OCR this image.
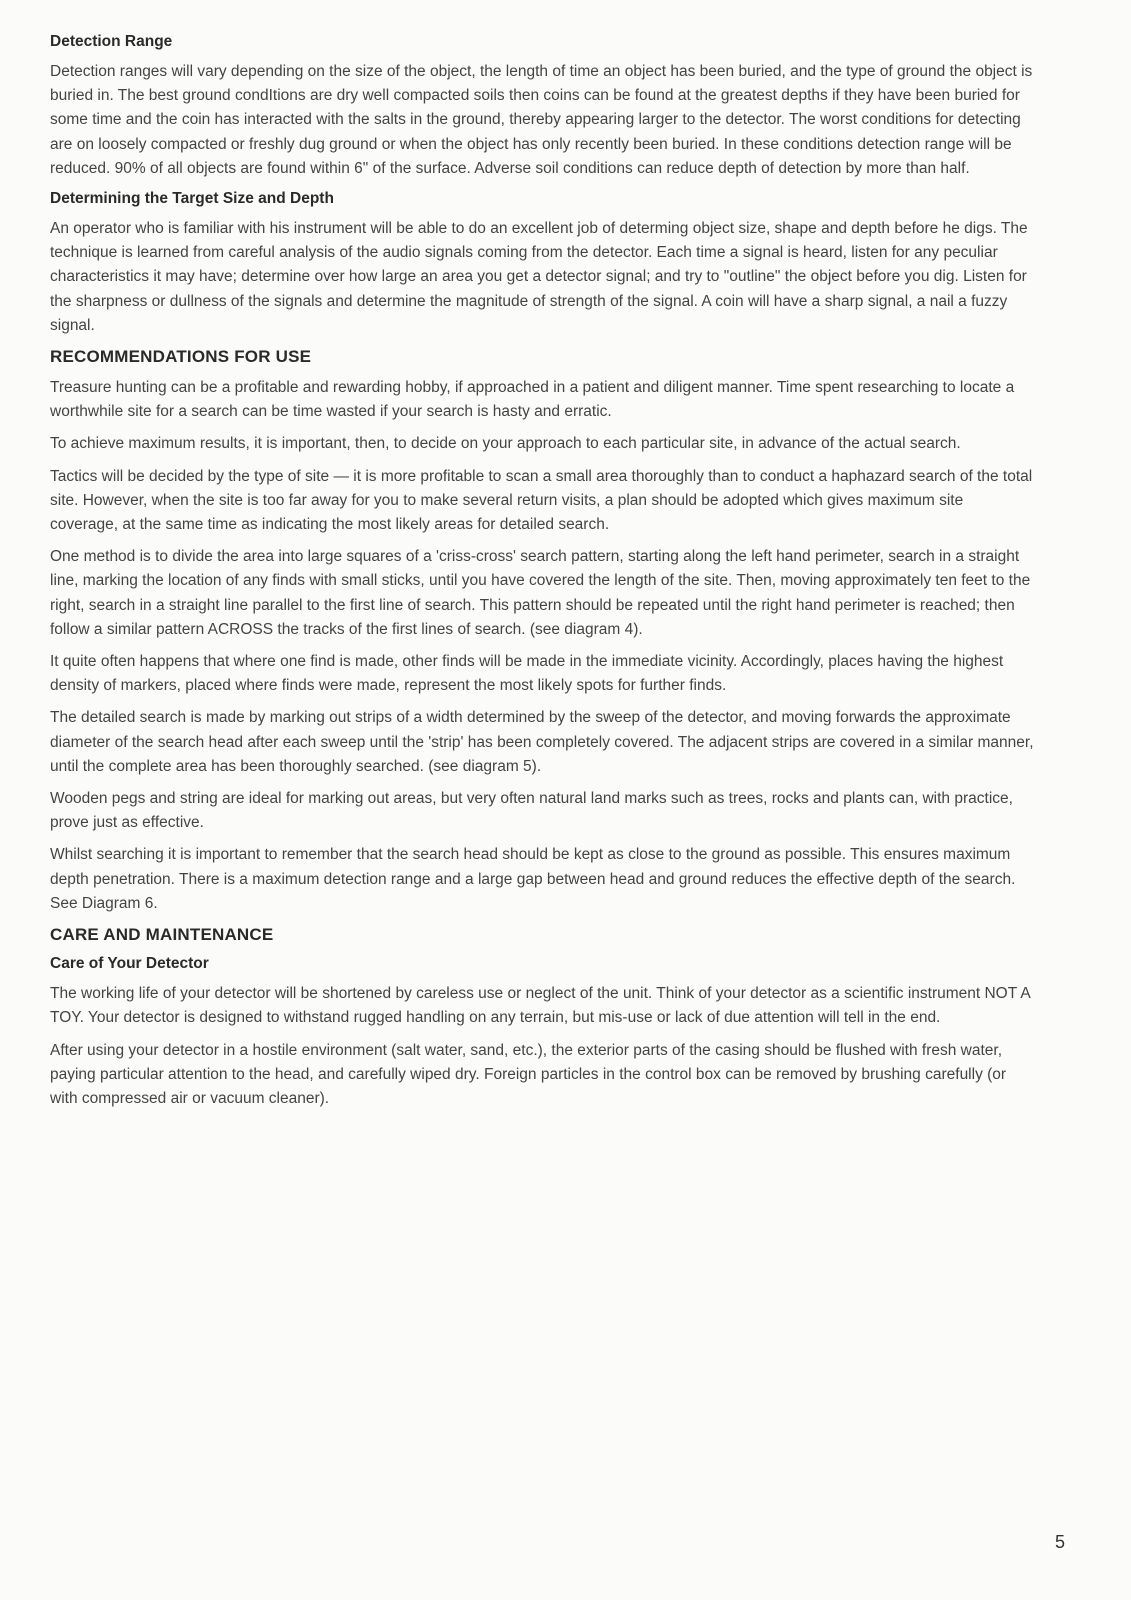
Detection Range

Detection ranges will vary depending on the size of the object, the length of time an object has been buried, and the type of ground the object is buried in. The best ground condItions are dry well compacted soils then coins can be found at the greatest depths if they have been buried for some time and the coin has interacted with the salts in the ground, thereby appearing larger to the detector. The worst conditions for detecting are on loosely compacted or freshly dug ground or when the object has only recently been buried. In these conditions detection range will be reduced. 90% of all objects are found within 6" of the surface. Adverse soil conditions can reduce depth of detection by more than half.

Determining the Target Size and Depth

An operator who is familiar with his instrument will be able to do an excellent job of determing object size, shape and depth before he digs. The technique is learned from careful analysis of the audio signals coming from the detector. Each time a signal is heard, listen for any peculiar characteristics it may have; determine over how large an area you get a detector signal; and try to "outline" the object before you dig. Listen for the sharpness or dullness of the signals and determine the magnitude of strength of the signal. A coin will have a sharp signal, a nail a fuzzy signal.

RECOMMENDATIONS FOR USE

Treasure hunting can be a profitable and rewarding hobby, if approached in a patient and diligent manner. Time spent researching to locate a worthwhile site for a search can be time wasted if your search is hasty and erratic.

To achieve maximum results, it is important, then, to decide on your approach to each particular site, in advance of the actual search.

Tactics will be decided by the type of site — it is more profitable to scan a small area thoroughly than to conduct a haphazard search of the total site. However, when the site is too far away for you to make several return visits, a plan should be adopted which gives maximum site coverage, at the same time as indicating the most likely areas for detailed search.

One method is to divide the area into large squares of a 'criss-cross' search pattern, starting along the left hand perimeter, search in a straight line, marking the location of any finds with small sticks, until you have covered the length of the site. Then, moving approximately ten feet to the right, search in a straight line parallel to the first line of search. This pattern should be repeated until the right hand perimeter is reached; then follow a similar pattern ACROSS the tracks of the first lines of search. (see diagram 4).

It quite often happens that where one find is made, other finds will be made in the immediate vicinity. Accordingly, places having the highest density of markers, placed where finds were made, represent the most likely spots for further finds.

The detailed search is made by marking out strips of a width determined by the sweep of the detector, and moving forwards the approximate diameter of the search head after each sweep until the 'strip' has been completely covered. The adjacent strips are covered in a similar manner, until the complete area has been thoroughly searched. (see diagram 5).

Wooden pegs and string are ideal for marking out areas, but very often natural land marks such as trees, rocks and plants can, with practice, prove just as effective.

Whilst searching it is important to remember that the search head should be kept as close to the ground as possible. This ensures maximum depth penetration. There is a maximum detection range and a large gap between head and ground reduces the effective depth of the search.

See Diagram 6.

CARE AND MAINTENANCE
Care of Your Detector

The working life of your detector will be shortened by careless use or neglect of the unit. Think of your detector as a scientific instrument NOT A TOY. Your detector is designed to withstand rugged handling on any terrain, but mis-use or lack of due attention will tell in the end.

After using your detector in a hostile environment (salt water, sand, etc.), the exterior parts of the casing should be flushed with fresh water, paying particular attention to the head, and carefully wiped dry. Foreign particles in the control box can be removed by brushing carefully (or with compressed air or vacuum cleaner).

5
